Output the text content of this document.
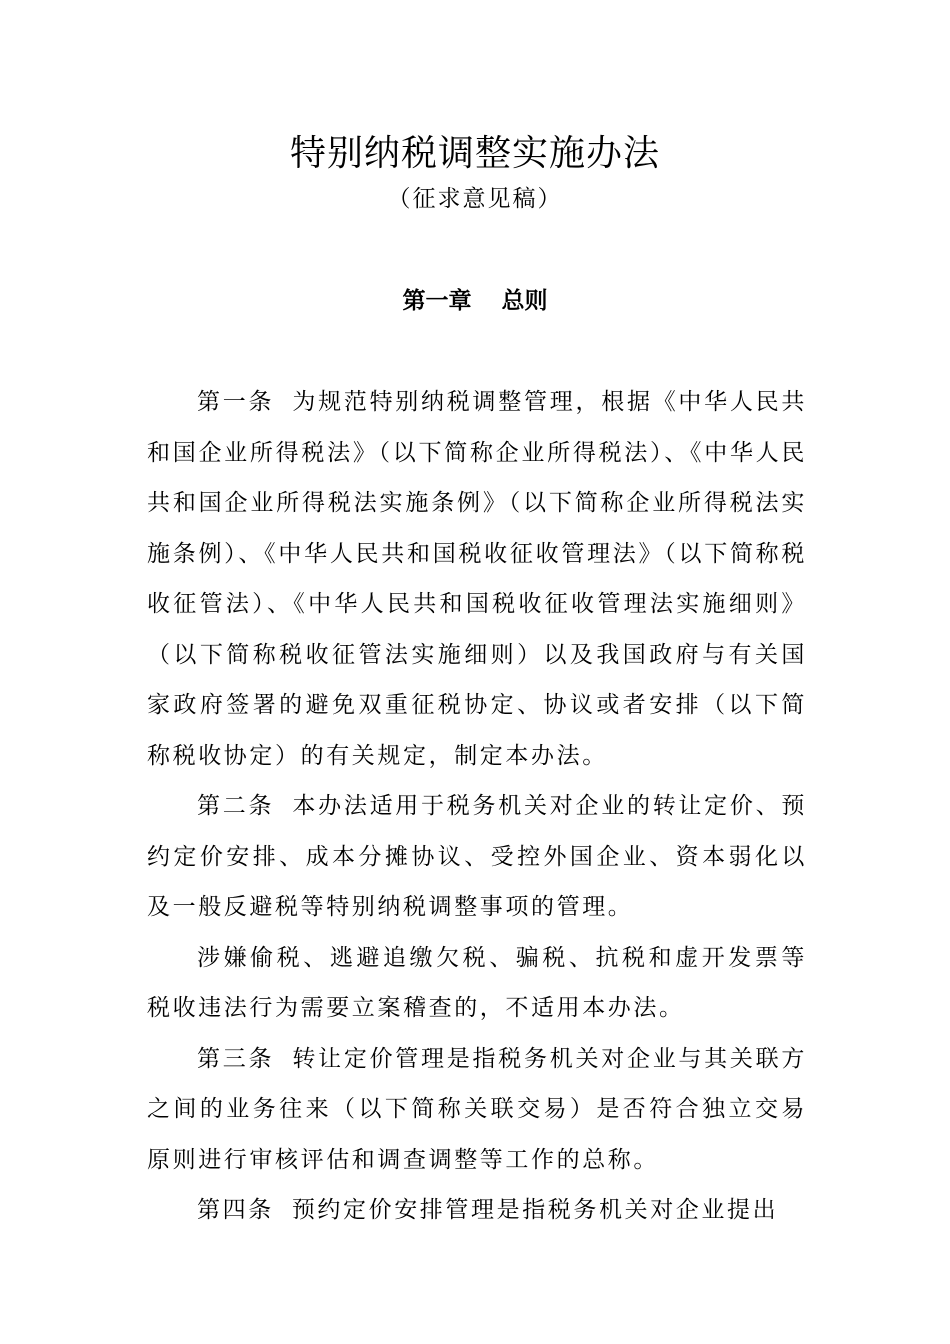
特别纳税调整实施办法
（征求意见稿）
第一章 总则

第一条 为规范特别纳税调整管理，根据《中华人民共和国企业所得税法》（以下简称企业所得税法）、《中华人民共和国企业所得税法实施条例》（以下简称企业所得税法实施条例）、《中华人民共和国税收征收管理法》（以下简称税收征管法）、《中华人民共和国税收征收管理法实施细则》（以下简称税收征管法实施细则）以及我国政府与有关国家政府签署的避免双重征税协定、协议或者安排（以下简称税收协定）的有关规定，制定本办法。

第二条 本办法适用于税务机关对企业的转让定价、预约定价安排、成本分摊协议、受控外国企业、资本弱化以及一般反避税等特别纳税调整事项的管理。

涉嫌偷税、逃避追缴欠税、骗税、抗税和虚开发票等税收违法行为需要立案稽查的，不适用本办法。

第三条 转让定价管理是指税务机关对企业与其关联方之间的业务往来（以下简称关联交易）是否符合独立交易原则进行审核评估和调查调整等工作的总称。

第四条 预约定价安排管理是指税务机关对企业提出
